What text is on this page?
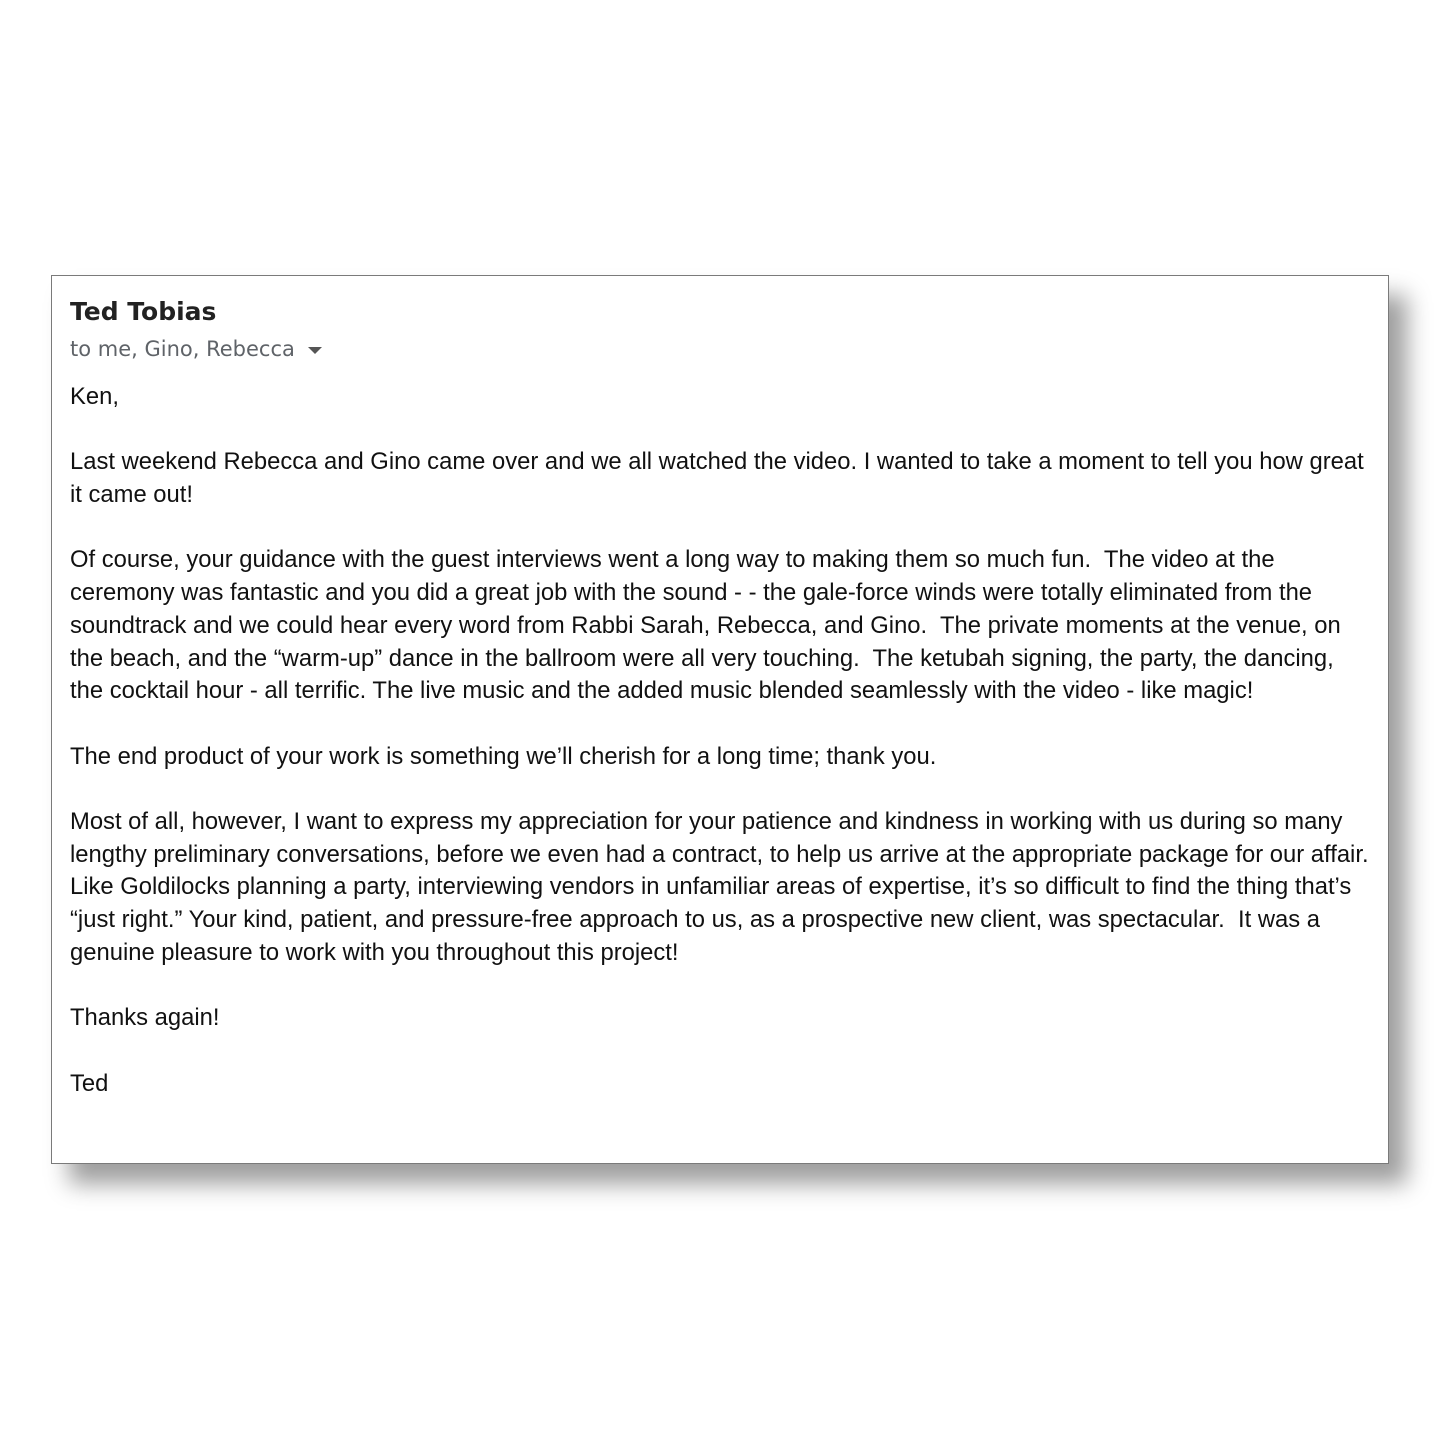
Ted Tobias
to me, Gino, Rebecca

Ken,

Last weekend Rebecca and Gino came over and we all watched the video. I wanted to take a moment to tell you how great it came out!

Of course, your guidance with the guest interviews went a long way to making them so much fun.  The video at the ceremony was fantastic and you did a great job with the sound - - the gale-force winds were totally eliminated from the soundtrack and we could hear every word from Rabbi Sarah, Rebecca, and Gino.  The private moments at the venue, on the beach, and the “warm-up” dance in the ballroom were all very touching.  The ketubah signing, the party, the dancing, the cocktail hour - all terrific. The live music and the added music blended seamlessly with the video - like magic!

The end product of your work is something we’ll cherish for a long time; thank you.

Most of all, however, I want to express my appreciation for your patience and kindness in working with us during so many lengthy preliminary conversations, before we even had a contract, to help us arrive at the appropriate package for our affair.  Like Goldilocks planning a party, interviewing vendors in unfamiliar areas of expertise, it’s so difficult to find the thing that’s “just right.” Your kind, patient, and pressure-free approach to us, as a prospective new client, was spectacular.  It was a genuine pleasure to work with you throughout this project!

Thanks again!

Ted
